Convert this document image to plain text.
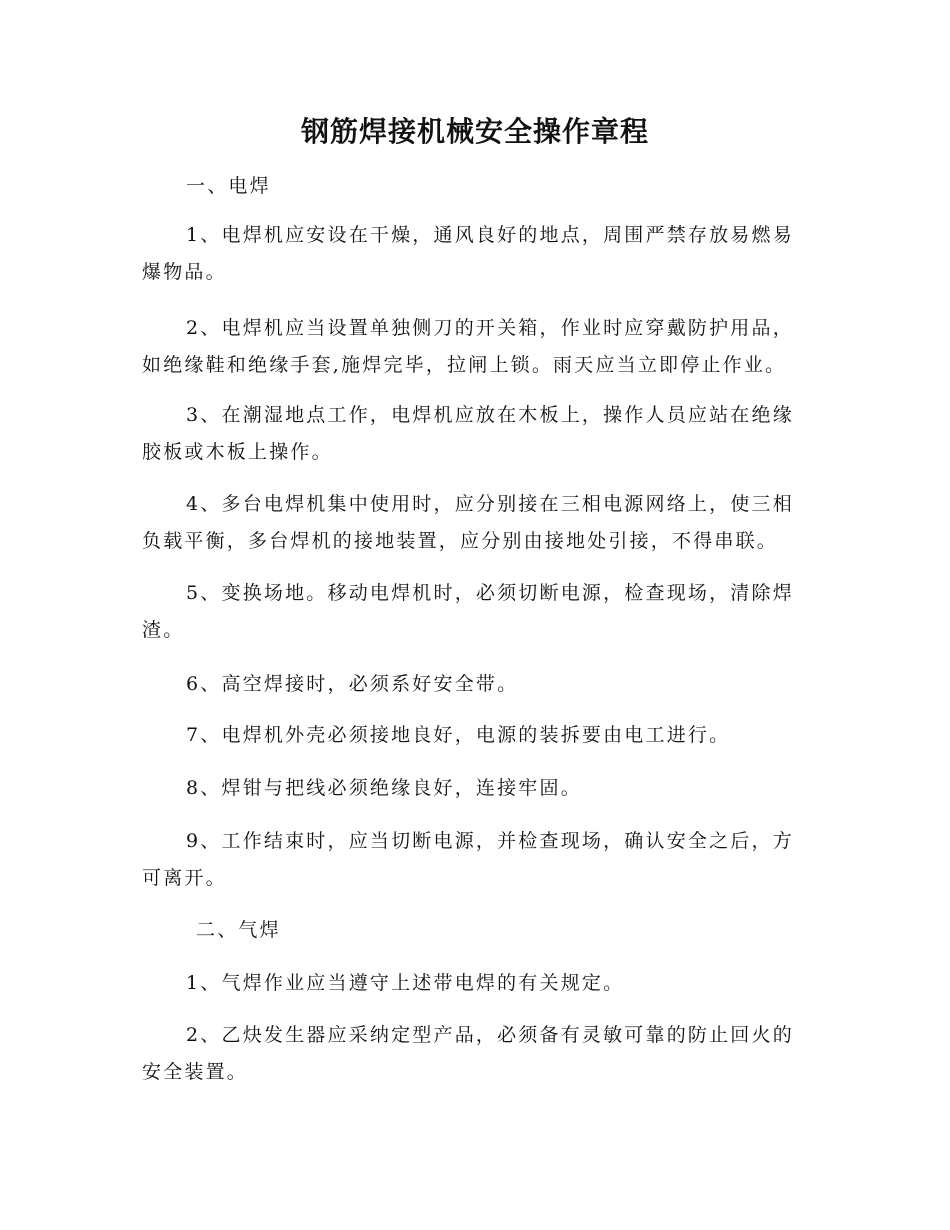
钢筋焊接机械安全操作章程

一、电焊

1、电焊机应安设在干燥，通风良好的地点，周围严禁存放易燃易爆物品。

2、电焊机应当设置单独侧刀的开关箱，作业时应穿戴防护用品，如绝缘鞋和绝缘手套,施焊完毕，拉闸上锁。雨天应当立即停止作业。

3、在潮湿地点工作，电焊机应放在木板上，操作人员应站在绝缘胶板或木板上操作。

4、多台电焊机集中使用时，应分别接在三相电源网络上，使三相负载平衡，多台焊机的接地装置，应分别由接地处引接，不得串联。

5、变换场地。移动电焊机时，必须切断电源，检查现场，清除焊渣。

6、高空焊接时，必须系好安全带。

7、电焊机外壳必须接地良好，电源的装拆要由电工进行。

8、焊钳与把线必须绝缘良好，连接牢固。

9、工作结束时，应当切断电源，并检查现场，确认安全之后，方可离开。

二、气焊

1、气焊作业应当遵守上述带电焊的有关规定。

2、乙炔发生器应采纳定型产品，必须备有灵敏可靠的防止回火的安全装置。
